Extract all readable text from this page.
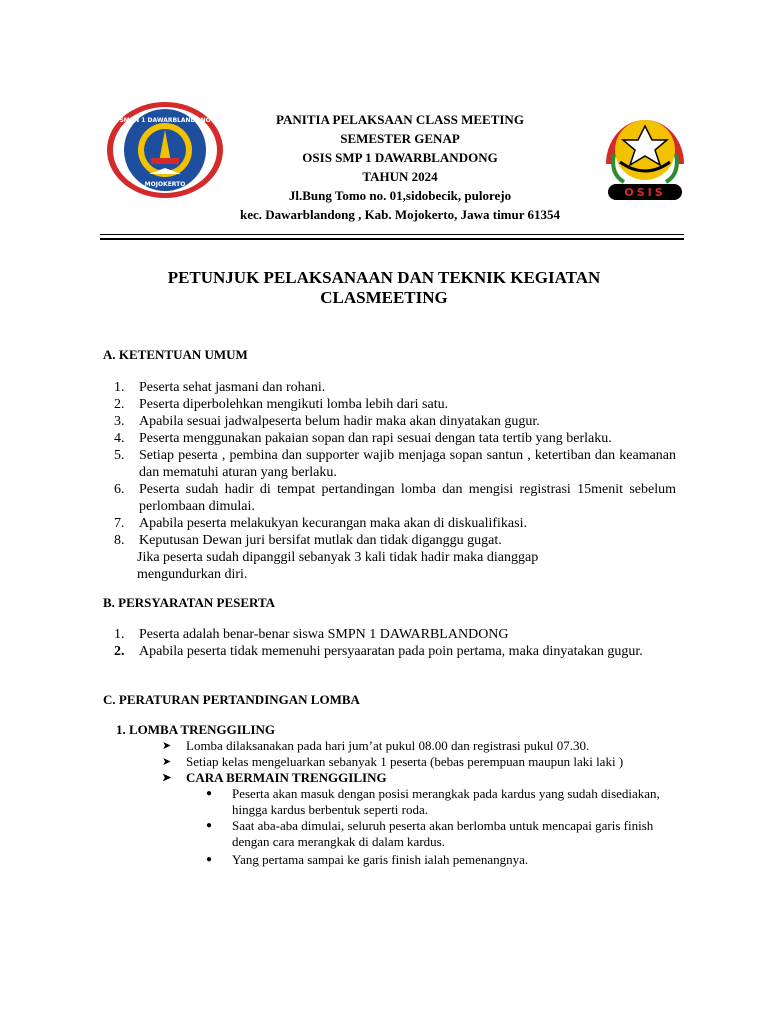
SMPN 1 DAWARBLANDONG
MOJOKERTO
OSIS
PANITIA PELAKSAAN CLASS MEETING
SEMESTER GENAP
OSIS SMP 1 DAWARBLANDONG
TAHUN 2024
Jl.Bung Tomo no. 01,sidobecik, pulorejo
kec. Dawarblandong , Kab. Mojokerto, Jawa timur 61354
PETUNJUK PELAKSANAAN DAN TEKNIK KEGIATAN
CLASMEETING
A. KETENTUAN UMUM
1.	Peserta sehat jasmani dan rohani.
2.	Peserta diperbolehkan mengikuti lomba lebih dari satu.
3.	Apabila sesuai jadwalpeserta belum hadir maka akan dinyatakan gugur.
4.	Peserta menggunakan pakaian sopan dan rapi sesuai dengan tata tertib yang berlaku.
5.	Setiap peserta , pembina dan supporter wajib menjaga sopan santun , ketertiban dan keamanan dan mematuhi aturan yang berlaku.
6.	Peserta sudah hadir di tempat pertandingan lomba dan mengisi registrasi 15menit sebelum perlombaan dimulai.
7.	Apabila peserta melakukyan kecurangan maka akan di diskualifikasi.
8.	Keputusan Dewan juri bersifat mutlak dan tidak diganggu gugat.
Jika peserta sudah dipanggil sebanyak 3 kali tidak hadir maka dianggap mengundurkan diri.
B. PERSYARATAN PESERTA
1.	Peserta adalah benar-benar siswa SMPN 1 DAWARBLANDONG
2.	Apabila peserta tidak memenuhi persyaaratan pada poin pertama, maka dinyatakan gugur.
C. PERATURAN PERTANDINGAN LOMBA
1. LOMBA TRENGGILING
➤	Lomba dilaksanakan pada hari jum’at pukul 08.00 dan registrasi pukul 07.30.
➤	Setiap kelas mengeluarkan sebanyak 1 peserta (bebas perempuan maupun laki laki )
➤	CARA BERMAIN TRENGGILING
●	Peserta akan masuk dengan posisi merangkak pada kardus yang sudah disediakan, hingga kardus berbentuk seperti roda.
●	Saat aba-aba dimulai, seluruh peserta akan berlomba untuk mencapai garis finish dengan cara merangkak di dalam kardus.
●	Yang pertama sampai ke garis finish ialah pemenangnya.
